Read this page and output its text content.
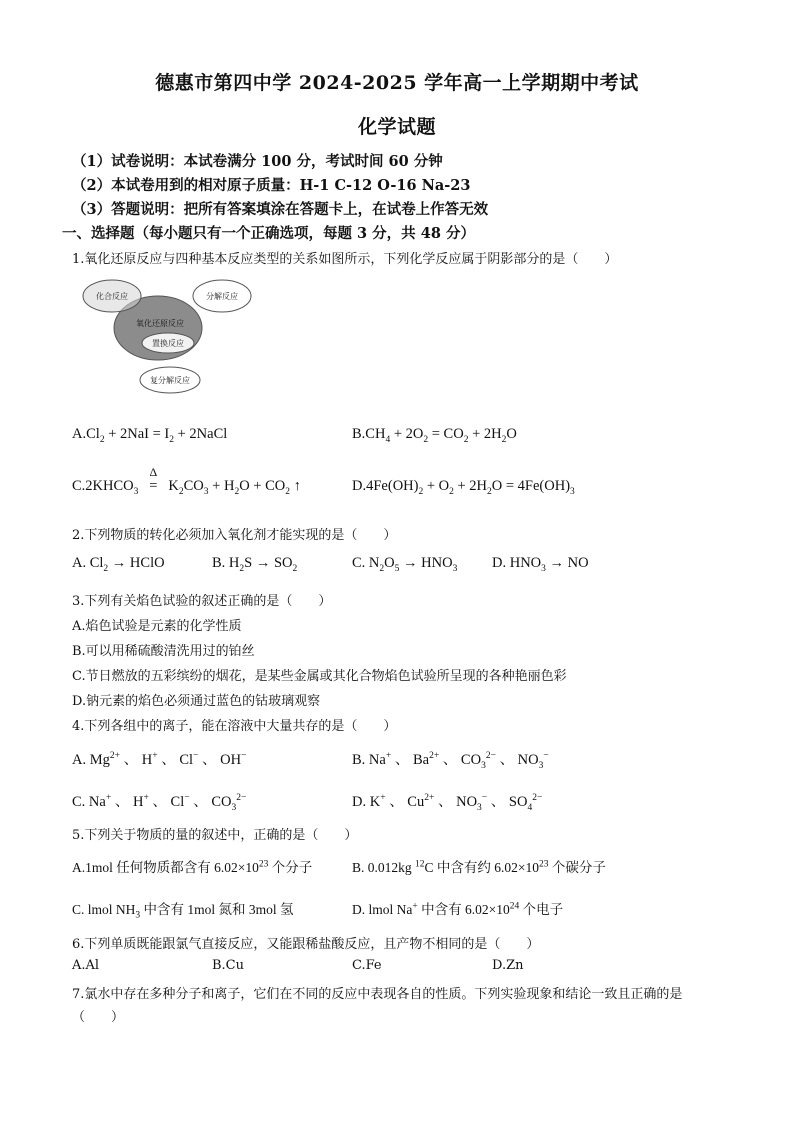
德惠市第四中学 2024-2025 学年高一上学期期中考试
化学试题
（1）试卷说明：本试卷满分 100 分，考试时间 60 分钟
（2）本试卷用到的相对原子质量：H-1 C-12 O-16 Na-23
（3）答题说明：把所有答案填涂在答题卡上，在试卷上作答无效
一、选择题（每小题只有一个正确选项，每题 3 分，共 48 分）
1.氧化还原反应与四种基本反应类型的关系如图所示，下列化学反应属于阴影部分的是（　　）
化合反应	分解反应
氧化还原反应
置换反应
复分解反应
$A.Cl_2 + 2NaI = I_2$ + 2NaCl	$B.CH_4 + 2O_2 = CO_2 + 2H_2O$
$C.2KHCO_3$
Δ
= $K_2CO_3 + H_2O + CO_2$ ↑	$D.4Fe(OH)_2 + O_2 + 2H_2O = 4Fe(OH)_3$
2.下列物质的转化必须加入氧化剂才能实现的是（　　）
A. $Cl_2$ → HClO	B. $H_2S \to SO_2$	C. $N_2O_5 \to HNO_3$ D. $HNO_3$ → NO
3.下列有关焰色试验的叙述正确的是（　　）
A.焰色试验是元素的化学性质
B.可以用稀硫酸清洗用过的铂丝
C.节日燃放的五彩缤纷的烟花，是某些金属或其化合物焰色试验所呈现的各种艳丽色彩
D.钠元素的焰色必须通过蓝色的钴玻璃观察
4.下列各组中的离子，能在溶液中大量共存的是（　　）
A. $Mg^{2+}$ 、 H+ 、 Cl− 、 OH−	B. Na+ 、 $Ba^{2+}$ 、 $CO_3^{2-}$ 、 $NO_3^-$
C. Na+ 、 H+ 、 Cl− 、 $CO_3^{2-}$	D. K+ 、 $Cu^{2+}$ 、 $NO_3^-$ 、 $SO_4^{2-}$
5.下列关于物质的量的叙述中，正确的是（　　）
A.1mol 任何物质都含有 $6.02\times 10^{23}$ 个分子	B. 0.012kg $^{12}$C 中含有约 $6.02\times 10^{23}$ 个碳分子
C. lmol $NH_3$ 中含有 1mol 氮和 3mol 氢	D. lmol Na+ 中含有 $6.02\times 10^{24}$ 个电子
6.下列单质既能跟氯气直接反应，又能跟稀盐酸反应，且产物不相同的是（　　）
A.Al	B.Cu	C.Fe	D.Zn
7.氯水中存在多种分子和离子，它们在不同的反应中表现各自的性质。下列实验现象和结论一致且正确的是
（　　）
